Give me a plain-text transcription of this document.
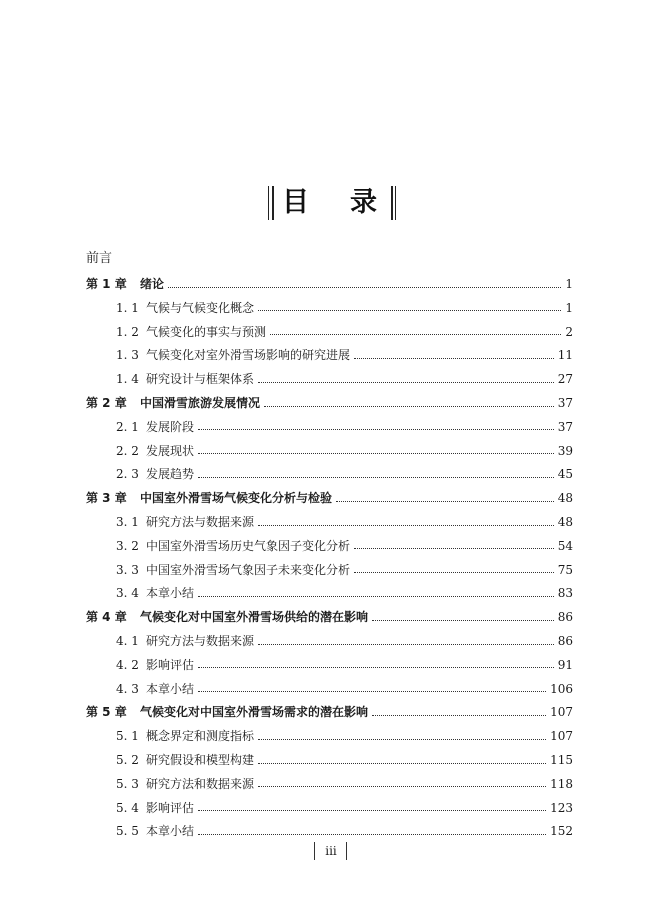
目 录
前言
第 1 章	绪论	1
1. 1 气候与气候变化概念	1
1. 2 气候变化的事实与预测	2
1. 3 气候变化对室外滑雪场影响的研究进展	11
1. 4 研究设计与框架体系	27
第 2 章	中国滑雪旅游发展情况	37
2. 1 发展阶段	37
2. 2 发展现状	39
2. 3 发展趋势	45
第 3 章	中国室外滑雪场气候变化分析与检验	48
3. 1 研究方法与数据来源	48
3. 2 中国室外滑雪场历史气象因子变化分析	54
3. 3 中国室外滑雪场气象因子未来变化分析	75
3. 4 本章小结	83
第 4 章	气候变化对中国室外滑雪场供给的潜在影响	86
4. 1 研究方法与数据来源	86
4. 2 影响评估	91
4. 3 本章小结	106
第 5 章	气候变化对中国室外滑雪场需求的潜在影响	107
5. 1 概念界定和测度指标	107
5. 2 研究假设和模型构建	115
5. 3 研究方法和数据来源	118
5. 4 影响评估	123
5. 5 本章小结	152
iii
